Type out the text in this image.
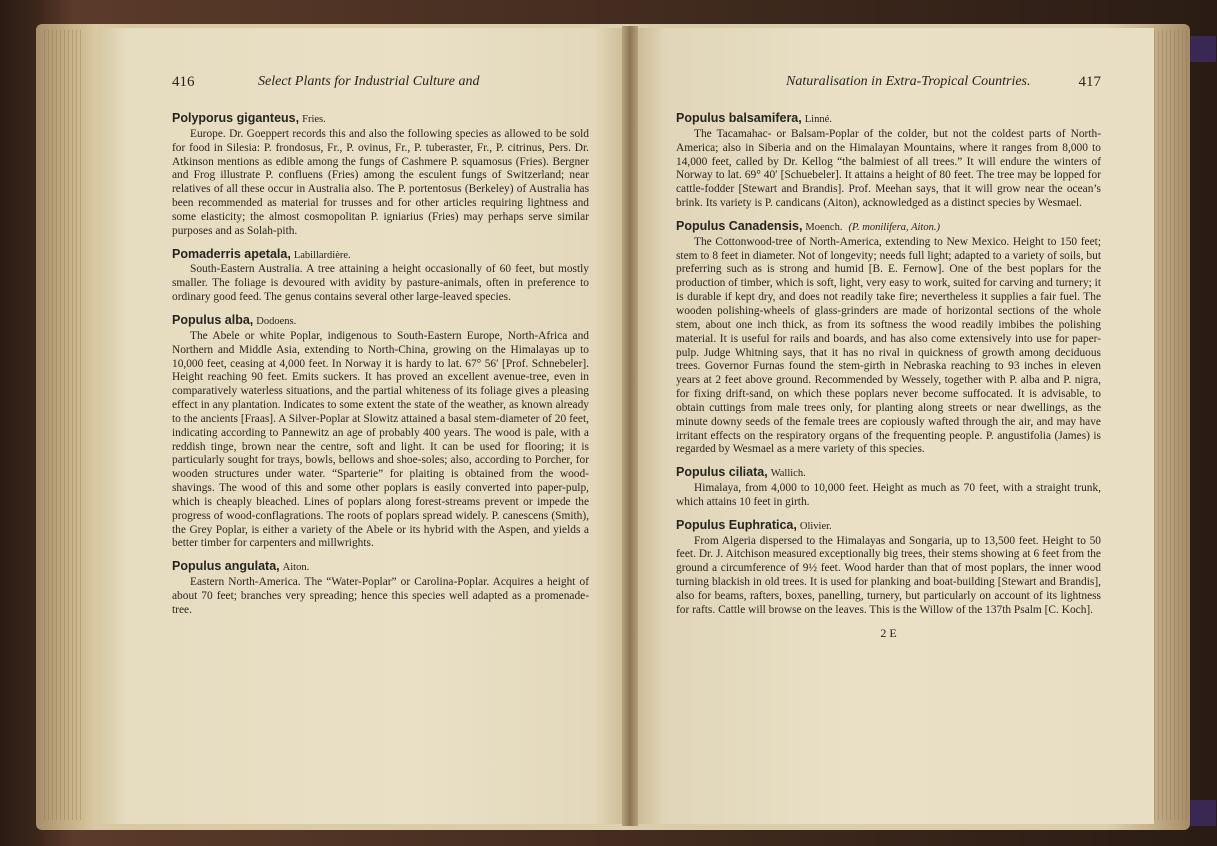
416	Select Plants for Industrial Culture and	Naturalisation in Extra-Tropical Countries.	417

Polyporus giganteus, Fries.

Europe. Dr. Goeppert records this and also the following species as allowed to be sold for food in Silesia: P. frondosus, Fr., P. ovinus, Fr., P. tuberaster, Fr., P. citrinus, Pers. Dr. Atkinson mentions as edible among the fungs of Cashmere P. squamosus (Fries). Bergner and Frog illustrate P. confluens (Fries) among the esculent fungs of Switzerland; near relatives of all these occur in Australia also. The P. portentosus (Berkeley) of Australia has been recommended as material for trusses and for other articles requiring lightness and some elasticity; the almost cosmopolitan P. igniarius (Fries) may perhaps serve similar purposes and as Solah-pith.

Pomaderris apetala, Labillardière.

South-Eastern Australia. A tree attaining a height occasionally of 60 feet, but mostly smaller. The foliage is devoured with avidity by pasture-animals, often in preference to ordinary good feed. The genus contains several other large-leaved species.

Populus alba, Dodoens.

The Abele or white Poplar, indigenous to South-Eastern Europe, North-Africa and Northern and Middle Asia, extending to North-China, growing on the Himalayas up to 10,000 feet, ceasing at 4,000 feet. In Norway it is hardy to lat. 67° 56′ [Prof. Schnebeler]. Height reaching 90 feet. Emits suckers. It has proved an excellent avenue-tree, even in comparatively waterless situations, and the partial whiteness of its foliage gives a pleasing effect in any plantation. Indicates to some extent the state of the weather, as known already to the ancients [Fraas]. A Silver-Poplar at Slowitz attained a basal stem-diameter of 20 feet, indicating according to Pannewitz an age of probably 400 years. The wood is pale, with a reddish tinge, brown near the centre, soft and light. It can be used for flooring; it is particularly sought for trays, bowls, bellows and shoe-soles; also, according to Porcher, for wooden structures under water. “Sparterie” for plaiting is obtained from the wood-shavings. The wood of this and some other poplars is easily converted into paper-pulp, which is cheaply bleached. Lines of poplars along forest-streams prevent or impede the progress of wood-conflagrations. The roots of poplars spread widely. P. canescens (Smith), the Grey Poplar, is either a variety of the Abele or its hybrid with the Aspen, and yields a better timber for carpenters and millwrights.

Populus angulata, Aiton.

Eastern North-America. The “Water-Poplar” or Carolina-Poplar. Acquires a height of about 70 feet; branches very spreading; hence this species well adapted as a promenade-tree.

Populus balsamifera, Linné.

The Tacamahac- or Balsam-Poplar of the colder, but not the coldest parts of North-America; also in Siberia and on the Himalayan Mountains, where it ranges from 8,000 to 14,000 feet, called by Dr. Kellog “the balmiest of all trees.” It will endure the winters of Norway to lat. 69° 40′ [Schuebeler]. It attains a height of 80 feet. The tree may be lopped for cattle-fodder [Stewart and Brandis]. Prof. Meehan says, that it will grow near the ocean’s brink. Its variety is P. candicans (Aiton), acknowledged as a distinct species by Wesmael.

Populus Canadensis, Moench. (P. monilifera, Aiton.)

The Cottonwood-tree of North-America, extending to New Mexico. Height to 150 feet; stem to 8 feet in diameter. Not of longevity; needs full light; adapted to a variety of soils, but preferring such as is strong and humid [B. E. Fernow]. One of the best poplars for the production of timber, which is soft, light, very easy to work, suited for carving and turnery; it is durable if kept dry, and does not readily take fire; nevertheless it supplies a fair fuel. The wooden polishing-wheels of glass-grinders are made of horizontal sections of the whole stem, about one inch thick, as from its softness the wood readily imbibes the polishing material. It is useful for rails and boards, and has also come extensively into use for paper-pulp. Judge Whitning says, that it has no rival in quickness of growth among deciduous trees. Governor Furnas found the stem-girth in Nebraska reaching to 93 inches in eleven years at 2 feet above ground. Recommended by Wessely, together with P. alba and P. nigra, for fixing drift-sand, on which these poplars never become suffocated. It is advisable, to obtain cuttings from male trees only, for planting along streets or near dwellings, as the minute downy seeds of the female trees are copiously wafted through the air, and may have irritant effects on the respiratory organs of the frequenting people. P. angustifolia (James) is regarded by Wesmael as a mere variety of this species.

Populus ciliata, Wallich.

Himalaya, from 4,000 to 10,000 feet. Height as much as 70 feet, with a straight trunk, which attains 10 feet in girth.

Populus Euphratica, Olivier.

From Algeria dispersed to the Himalayas and Songaria, up to 13,500 feet. Height to 50 feet. Dr. J. Aitchison measured exceptionally big trees, their stems showing at 6 feet from the ground a circumference of 9½ feet. Wood harder than that of most poplars, the inner wood turning blackish in old trees. It is used for planking and boat-building [Stewart and Brandis], also for beams, rafters, boxes, panelling, turnery, but particularly on account of its lightness for rafts. Cattle will browse on the leaves. This is the Willow of the 137th Psalm [C. Koch].

2 E
